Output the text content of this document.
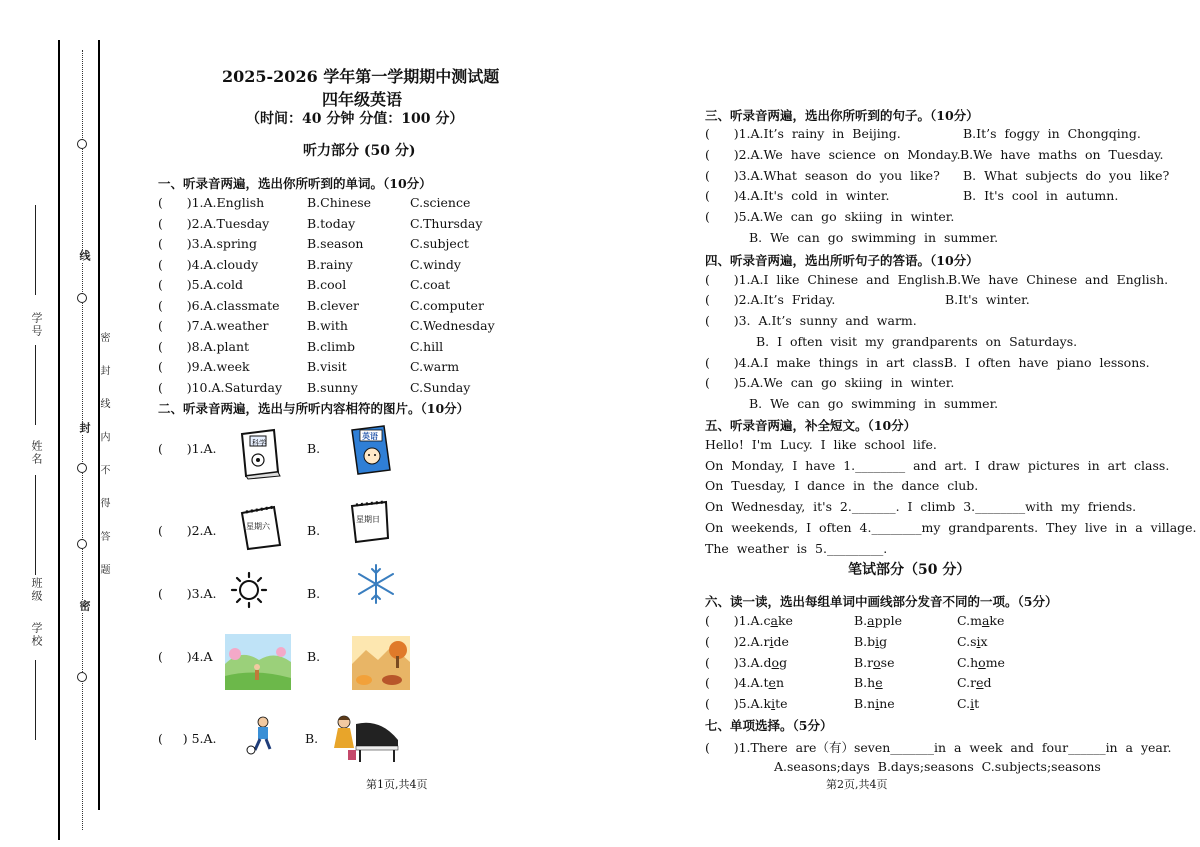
学号
姓名
班级
学校
线
封
密
密 封 线 内 不 得 答 题
2025-2026 学年第一学期期中测试题
四年级英语
（时间：40 分钟 分值：100 分）
听力部分 (50 分)
一、听录音两遍，选出你所听到的单词。（10分）
(      )1.A.English	B.Chinese	C.science
(      )2.A.Tuesday	B.today	C.Thursday
(      )3.A.spring	B.season	C.subject
(      )4.A.cloudy	B.rainy	C.windy
(      )5.A.cold	B.cool	C.coat
(      )6.A.classmate B.clever	C.computer
(      )7.A.weather	B.with	C.Wednesday
(      )8.A.plant	B.climb	C.hill
(      )9.A.week	B.visit	C.warm
(      )10.A.Saturday B.sunny	C.Sunday
二、听录音两遍，选出与所听内容相符的图片。（10分）
(      )1.A.	B.
科学
英语
(      )2.A.	B.
星期六
星期日
(      )3.A.	B.
(      )4.A	B.
(     ) 5.A.	B.
第1页,共4页
三、听录音两遍，选出你所听到的句子。（10分）
(      )1.A.It’s  rainy  in  Beijing.	B.It’s  foggy  in  Chongqing.
(      )2.A.We  have  science  on  Monday. B.We  have  maths  on  Tuesday.
(      )3.A.What  season  do  you  like? B.  What  subjects  do  you  like?
(      )4.A.It's  cold  in  winter.	B.  It's  cool  in  autumn.
(      )5.A.We  can  go  skiing  in  winter.
B.  We  can  go  swimming  in  summer.
四、听录音两遍，选出所听句子的答语。（10分）
(      )1.A.I  like  Chinese  and  English.
B.We  have  Chinese  and  English.
(      )2.A.It’s  Friday.	B.It's  winter.
(      )3.  A.It’s  sunny  and  warm.
B.  I  often  visit  my  grandparents  on  Saturdays.
(      )4.A.I  make  things  in  art  class.
B.  I  often  have  piano  lessons.
(      )5.A.We  can  go  skiing  in  winter.
B.  We  can  go  swimming  in  summer.
五、听录音两遍，补全短文。（10分）
Hello!  I'm  Lucy.  I  like  school  life.
On  Monday,  I  have  1.________  and  art.  I  draw  pictures  in  art  class.
On  Tuesday,  I  dance  in  the  dance  club.
On  Wednesday,  it's  2._______.  I  climb  3.________with  my  friends.
On  weekends,  I  often  4.________my  grandparents.  They  live  in  a  village.
The  weather  is  5._________.
笔试部分（50 分）
六、读一读，选出每组单词中画线部分发音不同的一项。（5分）
(      )1.A.cake	B.apple	C.make
(      )2.A.ride	B.big	C.six
(      )3.A.dog	B.rose	C.home
(      )4.A.ten	B.he	C.red
(      )5.A.kite	B.nine	C.it
七、单项选择。（5分）
(      )1.There  are（有）seven_______in  a  week  and  four______in  a  year.
A.seasons;days  B.days;seasons  C.subjects;seasons
第2页,共4页
